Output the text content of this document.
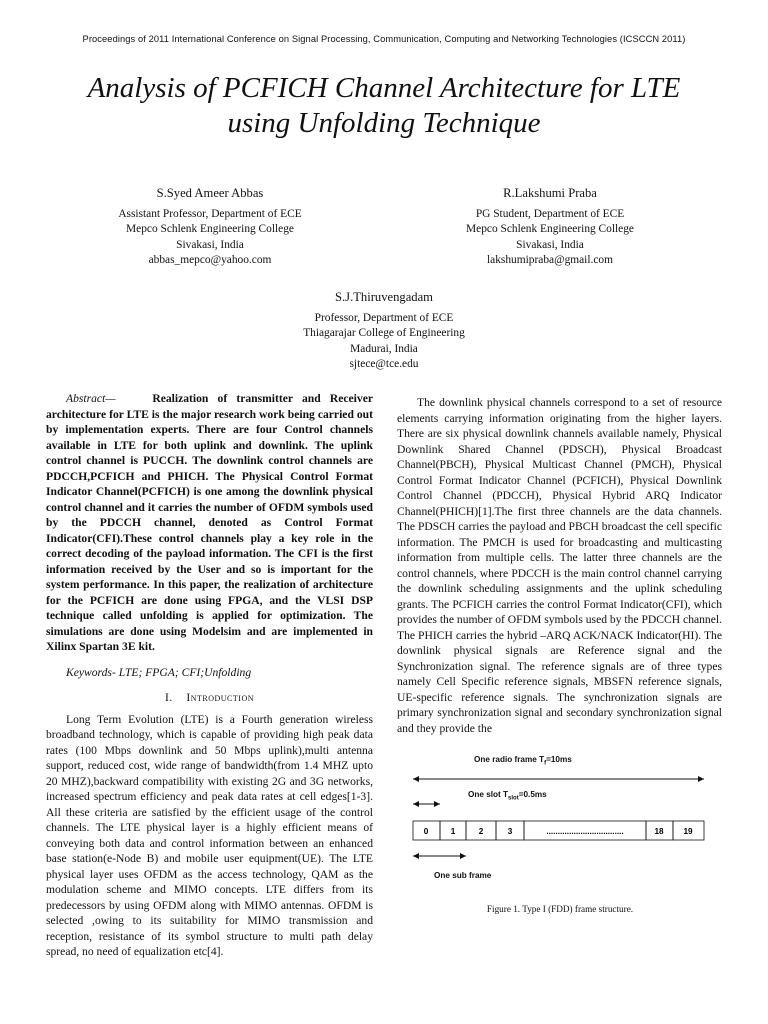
Proceedings of 2011 International Conference on Signal Processing, Communication, Computing and Networking Technologies (ICSCCN 2011)
Analysis of PCFICH Channel Architecture for LTE
using Unfolding Technique
S.Syed Ameer Abbas
Assistant Professor, Department of ECE
Mepco Schlenk Engineering College
Sivakasi, India
abbas_mepco@yahoo.com
R.Lakshumi Praba
PG Student, Department of ECE
Mepco Schlenk Engineering College
Sivakasi, India
lakshumipraba@gmail.com
S.J.Thiruvengadam
Professor, Department of ECE
Thiagarajar College of Engineering
Madurai, India
sjtece@tce.edu

Abstract—	Realization of transmitter and Receiver architecture for LTE is the major research work being carried out by implementation experts. There are four Control channels available in LTE for both uplink and downlink. The uplink control channel is PUCCH. The downlink control channels are PDCCH,PCFICH and PHICH. The Physical Control Format Indicator Channel(PCFICH) is one among the downlink physical control channel and it carries the number of OFDM symbols used by the PDCCH channel, denoted as Control Format Indicator(CFI).These control channels play a key role in the correct decoding of the payload information. The CFI is the first information received by the User and so is important for the system performance. In this paper, the realization of architecture for the PCFICH are done using FPGA, and the VLSI DSP technique called unfolding is applied for optimization. The simulations are done using Modelsim and are implemented in Xilinx Spartan 3E kit.

Keywords- LTE; FPGA; CFI;Unfolding

I. Introduction

Long Term Evolution (LTE) is a Fourth generation wireless broadband technology, which is capable of providing high peak data rates (100 Mbps downlink and 50 Mbps uplink),multi antenna support, reduced cost, wide range of bandwidth(from 1.4 MHZ upto 20 MHZ),backward compatibility with existing 2G and 3G networks, increased spectrum efficiency and peak data rates at cell edges[1-3]. All these criteria are satisfied by the efficient usage of the control channels. The LTE physical layer is a highly efficient means of conveying both data and control information between an enhanced base station(e-Node B) and mobile user equipment(UE). The LTE physical layer uses OFDM as the access technology, QAM as the modulation scheme and MIMO concepts. LTE differs from its predecessors by using OFDM along with MIMO antennas. OFDM is selected ,owing to its suitability for MIMO transmission and reception, resistance of its symbol structure to multi path delay spread, no need of equalization etc[4].

The downlink physical channels correspond to a set of resource elements carrying information originating from the higher layers. There are six physical downlink channels available namely, Physical Downlink Shared Channel (PDSCH), Physical Broadcast Channel(PBCH), Physical Multicast Channel (PMCH), Physical Control Format Indicator Channel (PCFICH), Physical Downlink Control Channel (PDCCH), Physical Hybrid ARQ Indicator Channel(PHICH)[1].The first three channels are the data channels. The PDSCH carries the payload and PBCH broadcast the cell specific information. The PMCH is used for broadcasting and multicasting information from multiple cells. The latter three channels are the control channels, where PDCCH is the main control channel carrying the downlink scheduling assignments and the uplink scheduling grants. The PCFICH carries the control Format Indicator(CFI), which provides the number of OFDM symbols used by the PDCCH channel. The PHICH carries the hybrid –ARQ ACK/NACK Indicator(HI). The downlink physical signals are Reference signal and the Synchronization signal. The reference signals are of three types namely Cell Specific reference signals, MBSFN reference signals, UE-specific reference signals. The synchronization signals are primary synchronization signal and secondary synchronization signal and they provide the

One radio frame $T_f=10ms$
One slot $T_{slot}=0.5ms$
0	1	2	3	..................................	18 19
One sub frame
Figure 1. Type I (FDD) frame structure.
